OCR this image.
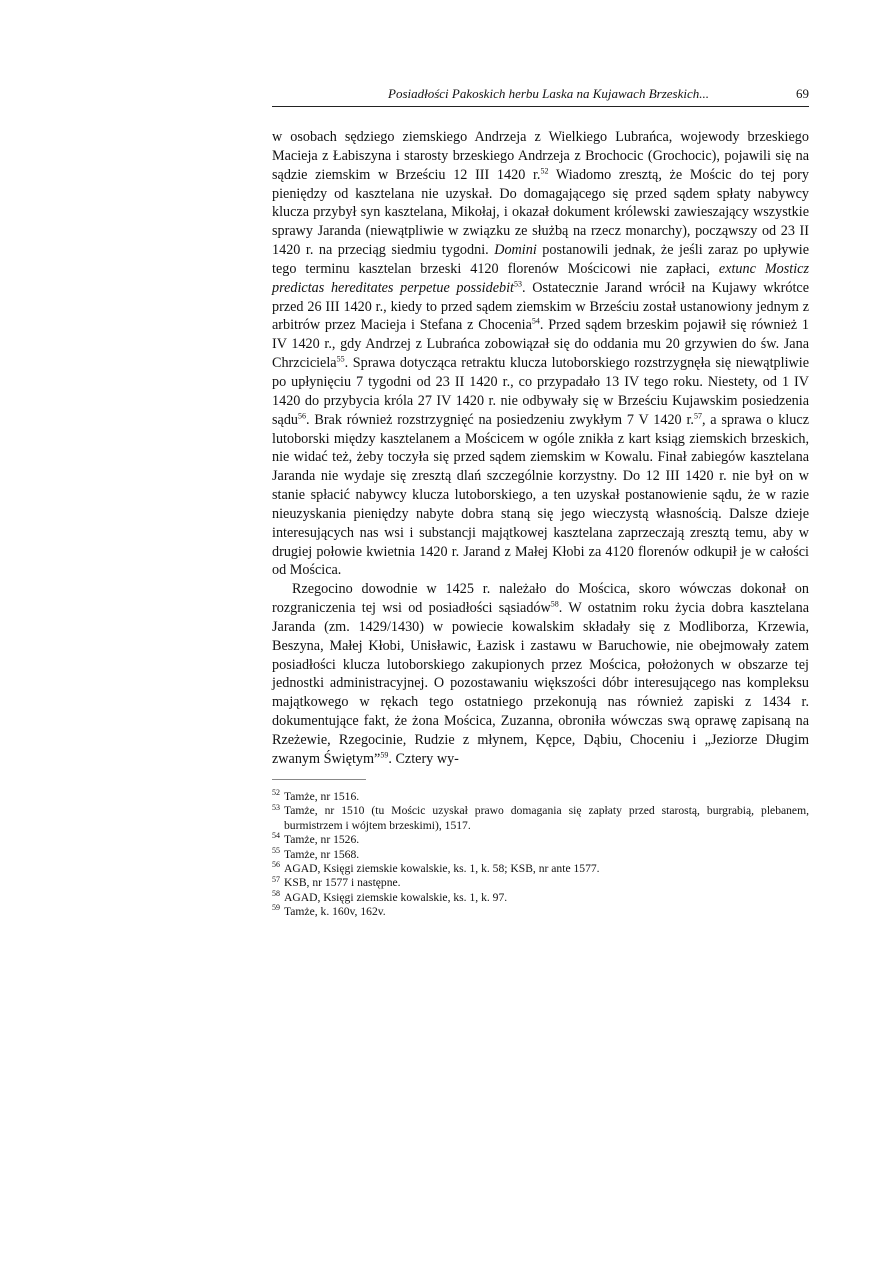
Posiadłości Pakoskich herbu Laska na Kujawach Brzeskich...	69

w osobach sędziego ziemskiego Andrzeja z Wielkiego Lubrańca, wojewody brzeskiego Macieja z Łabiszyna i starosty brzeskiego Andrzeja z Brochocic (Grochocic), pojawili się na sądzie ziemskim w Brześciu 12 III 1420 r.$^{52}$ Wiadomo zresztą, że Mościc do tej pory pieniędzy od kasztelana nie uzyskał. Do domagającego się przed sądem spłaty nabywcy klucza przybył syn kasztelana, Mikołaj, i okazał dokument królewski zawieszający wszystkie sprawy Jaranda (niewątpliwie w związku ze służbą na rzecz monarchy), począwszy od 23 II 1420 r. na przeciąg siedmiu tygodni. Domini postanowili jednak, że jeśli zaraz po upływie tego terminu kasztelan brzeski 4120 florenów Mościcowi nie zapłaci, extunc Mosticz predictas hereditates perpetue possidebit$^{53}$. Ostatecznie Jarand wrócił na Kujawy wkrótce przed 26 III 1420 r., kiedy to przed sądem ziemskim w Brześciu został ustanowiony jednym z arbitrów przez Macieja i Stefana z Choceniа$^{54}$. Przed sądem brzeskim pojawił się również 1 IV 1420 r., gdy Andrzej z Lubrańca zobowiązał się do oddania mu 20 grzywien do św. Jana Chrzciciela$^{55}$. Sprawa dotycząca retraktu klucza lutoborskiego rozstrzygnęła się niewątpliwie po upłynięciu 7 tygodni od 23 II 1420 r., co przypadało 13 IV tego roku. Niestety, od 1 IV 1420 do przybycia króla 27 IV 1420 r. nie odbywały się w Brześciu Kujawskim posiedzenia sądu$^{56}$. Brak również rozstrzygnięć na posiedzeniu zwykłym 7 V 1420 r.$^{57}$, a sprawa o klucz lutoborski między kasztelanem a Mościcem w ogóle znikła z kart ksiąg ziemskich brzeskich, nie widać też, żeby toczyła się przed sądem ziemskim w Kowalu. Finał zabiegów kasztelana Jaranda nie wydaje się zresztą dlań szczególnie korzystny. Do 12 III 1420 r. nie był on w stanie spłacić nabywcy klucza lutoborskiego, a ten uzyskał postanowienie sądu, że w razie nieuzyskania pieniędzy nabyte dobra staną się jego wieczystą własnością. Dalsze dzieje interesujących nas wsi i substancji majątkowej kasztelana zaprzeczają zresztą temu, aby w drugiej połowie kwietnia 1420 r. Jarand z Małej Kłobi za 4120 florenów odkupił je w całości od Mościca.

Rzegocino dowodnie w 1425 r. należało do Mościca, skoro wówczas dokonał on rozgraniczenia tej wsi od posiadłości sąsiadów$^{58}$. W ostatnim roku życia dobra kasztelana Jaranda (zm. 1429/1430) w powiecie kowalskim składały się z Modliborza, Krzewia, Beszyna, Małej Kłobi, Unisławic, Łazisk i zastawu w Baruchowie, nie obejmowały zatem posiadłości klucza lutoborskiego zakupionych przez Mościca, położonych w obszarze tej jednostki administracyjnej. O pozostawaniu większości dóbr interesującego nas kompleksu majątkowego w rękach tego ostatniego przekonują nas również zapiski z 1434 r. dokumentujące fakt, że żona Mościca, Zuzanna, obroniła wówczas swą oprawę zapisaną na Rzeżewie, Rzegocinie, Rudzie z młynem, Kępce, Dąbiu, Choceniu i „Jeziorze Długim zwanym Świętym”$^{59}$. Cztery wy-

52 Tamże, nr 1516.
53 Tamże, nr 1510 (tu Mościc uzyskał prawo domagania się zapłaty przed starostą, burgrabią, plebanem, burmistrzem i wójtem brzeskimi), 1517.
54 Tamże, nr 1526.
55 Tamże, nr 1568.
56 AGAD, Księgi ziemskie kowalskie, ks. 1, k. 58; KSB, nr ante 1577.
57 KSB, nr 1577 i następne.
58 AGAD, Księgi ziemskie kowalskie, ks. 1, k. 97.
59 Tamże, k. 160v, 162v.
